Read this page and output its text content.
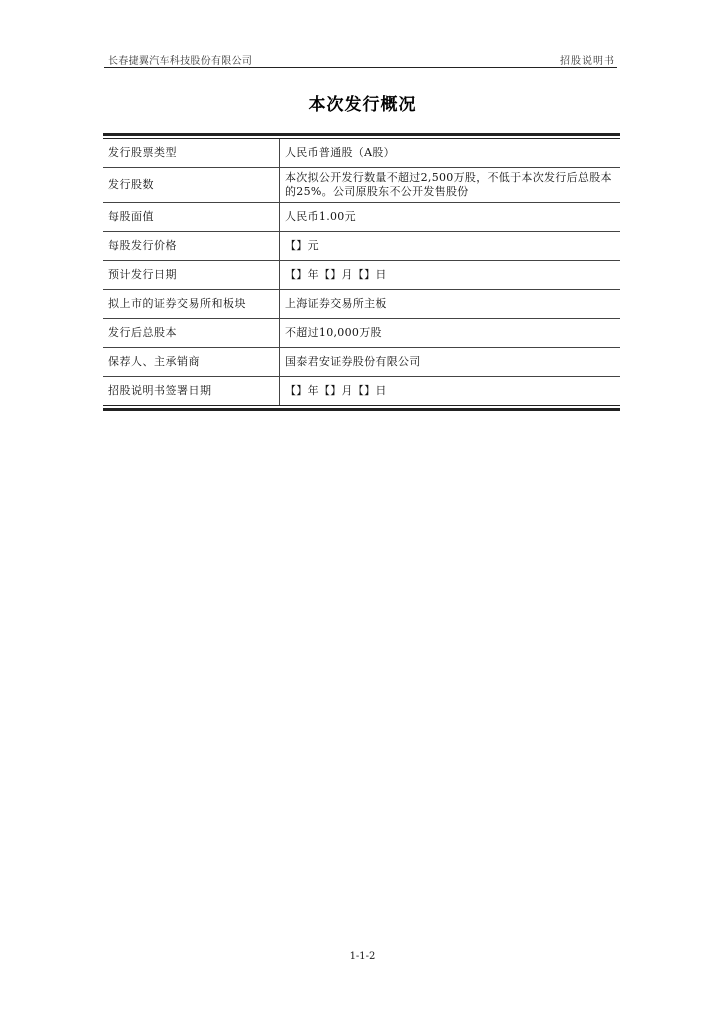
长春捷翼汽车科技股份有限公司	招股说明书
本次发行概况
发行股票类型	人民币普通股（A股）
发行股数	本次拟公开发行数量不超过2,500万股，不低于本次发行后总股本的25%。公司原股东不公开发售股份
每股面值	人民币1.00元
每股发行价格	【】元
预计发行日期	【】年【】月【】日
拟上市的证券交易所和板块	上海证券交易所主板
发行后总股本	不超过10,000万股
保荐人、主承销商	国泰君安证券股份有限公司
招股说明书签署日期	【】年【】月【】日
1-1-2
